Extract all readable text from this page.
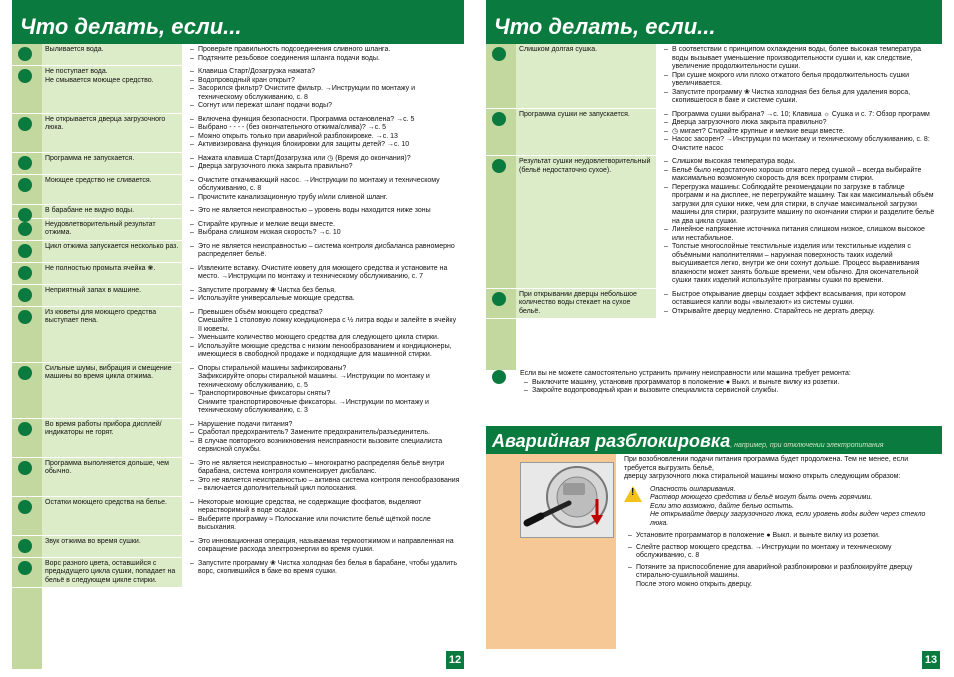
Что делать, если...
Выливается вода.	– Проверьте правильность подсоединения сливного шланга.
– Подтяните резьбовое соединения шланга подачи воды.
Не поступает вода.
Не смывается моющее средство.
– Клавиша Старт/Дозагрузка нажата?
– Водопроводный кран открыт?
– Засорился фильтр? Очистите фильтр. →Инструкции по монтажу и техническому обслуживанию, с. 8
– Согнут или пережат шланг подачи воды?
Не открывается дверца загрузочного люка.
– Включена функция безопасности. Программа остановлена? →с. 5
– Выбрано - - - - (без окончательного отжима/слива)? →с. 5
– Можно открыть только при аварийной разблокировке. →с. 13
– Активизирована функция блокировки для защиты детей? →с. 10
Программа не запускается.	– Нажата клавиша Старт/Дозагрузка или ◷ (Время до окончания)?
– Дверца загрузочного люка закрыта правильно?
Моющее средство не сливается.	– Очистите откачивающий насос. →Инструкции по монтажу и техническому обслуживанию, с. 8
– Прочистите канализационную трубу и/или сливной шланг.
В барабане не видно воды.	– Это не является неисправностью – уровень воды находится ниже зоны
Неудовлетворительный результат отжима.
– Стирайте крупные и мелкие вещи вместе.
– Выбрана слишком низкая скорость? →с. 10
Цикл отжима запускается несколько раз.	– Это не является неисправностью – система контроля дисбаланса равномерно распределяет бельё.
Не полностью промыта ячейка ❀.	– Извлеките вставку. Очистите кювету для моющего средства и установите на место. →Инструкции по монтажу и техническому обслуживанию, с. 7
Неприятный запах в машине.	– Запустите программу ❀ Чистка без белья.
– Используйте универсальные моющие средства.
Из кюветы для моющего средства выступает пена.
– Превышен объём моющего средства?
Смешайте 1 столовую ложку кондиционера с ½ литра воды и залейте в ячейку II кюветы.
– Уменьшите количество моющего средства для следующего цикла стирки.
– Используйте моющие средства с низким пенообразованием и кондиционеры, имеющиеся в свободной продаже и подходящие для машинной стирки.
Сильные шумы, вибрация и смещение машины во время цикла отжима.
– Опоры стиральной машины зафиксированы?
Зафиксируйте опоры стиральной машины. →Инструкции по монтажу и техническому обслуживанию, с. 5
– Транспортировочные фиксаторы сняты?
Снимите транспортировочные фиксаторы. →Инструкции по монтажу и техническому обслуживанию, с. 3
Во время работы прибора дисплей/индикаторы не горят.
– Нарушение подачи питания?
– Сработал предохранитель? Замените предохранитель/разъединитель.
– В случае повторного возникновения неисправности вызовите специалиста сервисной службы.
Программа выполняется дольше, чем обычно.
– Это не является неисправностью – многократно распределяя бельё внутри барабана, система контроля компенсирует дисбаланс.
– Это не является неисправностью – активна система контроля пенообразования – включается дополнительный цикл полоскания.
Остатки моющего средства на белье.	– Некоторые моющие средства, не содержащие фосфатов, выделяют нерастворимый в воде осадок.
– Выберите программу ≈ Полоскание или почистите бельё щёткой после высыхания.
Звук отжима во время сушки.	– Это инновационная операция, называемая термоотжимом и направленная на сокращение расхода электроэнергии во время сушки.
Ворс разного цвета, оставшийся с предыдущего цикла сушки, попадает на бельё в следующем цикле стирки.
– Запустите программу ❀ Чистка холодная без белья в барабане, чтобы удалить ворс, скопившийся в баке во время сушки.
12
Что делать, если...
Слишком долгая сушка.	– В соответствии с принципом охлаждения воды, более высокая температура воды вызывает уменьшение производительности сушки и, как следствие, увеличение продолжительности сушки.
– При сушке мокрого или плохо отжатого белья продолжительность сушки увеличивается.
– Запустите программу ❀ Чистка холодная без белья для удаления ворса, скопившегося в баке и системе сушки.
Программа сушки не запускается.	– Программа сушки выбрана? →с. 10; Клавиша ☼ Сушка и с. 7: Обзор программ
– Дверца загрузочного люка закрыта правильно?
– ◷ мигает? Стирайте крупные и мелкие вещи вместе.
– Насос засорен? →Инструкции по монтажу и техническому обслуживанию, с. 8: Очистите насос
Результат сушки неудовлетворительный (бельё недостаточно сухое).
– Слишком высокая температура воды.
– Бельё было недостаточно хорошо отжато перед сушкой – всегда выбирайте максимально возможную скорость для всех программ стирки.
– Перегрузка машины: Соблюдайте рекомендации по загрузке в таблице программ и на дисплее, не перегружайте машину. Так как максимальный объём загрузки для сушки ниже, чем для стирки, в случае максимальной загрузки машины для стирки, разгрузите машину по окончании стирки и разделите бельё на два цикла сушки.
– Линейное напряжение источника питания слишком низкое, слишком высокое или нестабильное.
– Толстые многослойные текстильные изделия или текстильные изделия с объёмными наполнителями – наружная поверхность таких изделий высушивается легко, внутри же они сохнут дольше. Процесс выравнивания влажности может занять больше времени, чем обычно. Для окончательной сушки таких изделий используйте программы сушки по времени.
При открывании дверцы небольшое количество воды стекает на сухое бельё.
– Быстрое открывание дверцы создает эффект всасывания, при котором оставшиеся капли воды «вылезают» из системы сушки.
– Открывайте дверцу медленно. Старайтесь не дергать дверцу.
Если вы не можете самостоятельно устранить причину неисправности или машина требует ремонта:
– Выключите машину, установив программатор в положение ● Выкл. и выньте вилку из розетки.
– Закройте водопроводный кран и вызовите специалиста сервисной службы.
Аварийная разблокировка, например, при отключении электропитания
При возобновлении подачи питания программа будет продолжена. Тем не менее, если требуется выгрузить бельё,
дверцу загрузочного люка стиральной машины можно открыть следующим образом:
! Опасность ошпаривания.
Раствор моющего средства и бельё могут быть очень горячими.
Если это возможно, дайте белью остыть.
Не открывайте дверцу загрузочного люка, если уровень воды виден через стекло люка.
– Установите программатор в положение ● Выкл. и выньте вилку из розетки.
– Слейте раствор моющего средства. →Инструкции по монтажу и техническому обслуживанию, с. 8
– Потяните за приспособление для аварийной разблокировки и разблокируйте дверцу стирально-сушильной машины.
После этого можно открыть дверцу.
13
